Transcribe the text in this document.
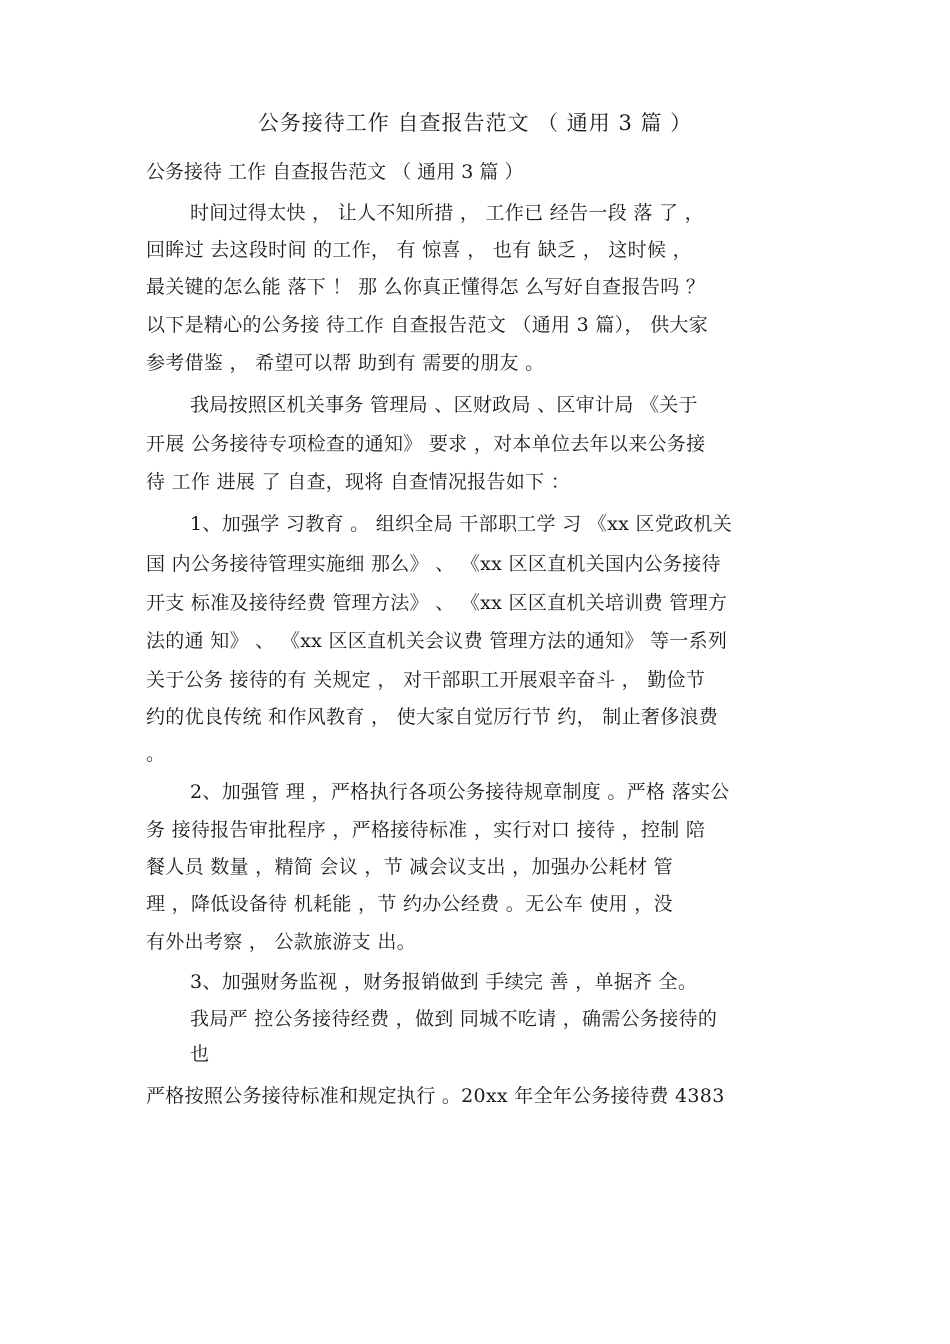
公务接待工作 自查报告范文 （ 通用 3 篇 ）
公务接待 工作 自查报告范文 （ 通用 3 篇 ）
时间过得太快 ， 让人不知所措 ， 工作已 经告一段 落 了 ，
回眸过 去这段时间 的工作， 有 惊喜 ， 也有 缺乏 ， 这时候 ，
最关键的怎么能 落下 ！ 那 么你真正懂得怎 么写好自查报告吗 ？
以下是精心的公务接 待工作 自查报告范文 （通用 3 篇）， 供大家
参考借鉴 ， 希望可以帮 助到有 需要的朋友 。
我局按照区机关事务 管理局 、区财政局 、区审计局 《关于
开展 公务接待专项检查的通知》 要求 ，对本单位去年以来公务接
待 工作 进展 了 自查，现将 自查情况报告如下 ：
1、加强学 习教育 。 组织全局 干部职工学 习 《xx 区党政机关
国 内公务接待管理实施细 那么》 、 《xx 区区直机关国内公务接待
开支 标准及接待经费 管理方法》 、 《xx 区区直机关培训费 管理方
法的通 知》 、 《xx 区区直机关会议费 管理方法的通知》 等一系列
关于公务 接待的有 关规定 ， 对干部职工开展艰辛奋斗 ， 勤俭节
约的优良传统 和作风教育 ， 使大家自觉厉行节 约， 制止奢侈浪费
。
2、加强管 理 ，严格执行各项公务接待规章制度 。严格 落实公
务 接待报告审批程序 ，严格接待标准 ，实行对口 接待 ，控制 陪
餐人员 数量 ，精简 会议 ，节 减会议支出 ，加强办公耗材 管
理 ，降低设备待 机耗能 ，节 约办公经费 。无公车 使用 ，没
有外出考察 ， 公款旅游支 出。
3、加强财务监视 ，财务报销做到 手续完 善 ，单据齐 全。
我局严 控公务接待经费 ，做到 同城不吃请 ，确需公务接待的
也
严格按照公务接待标准和规定执行 。20xx 年全年公务接待费 4383
